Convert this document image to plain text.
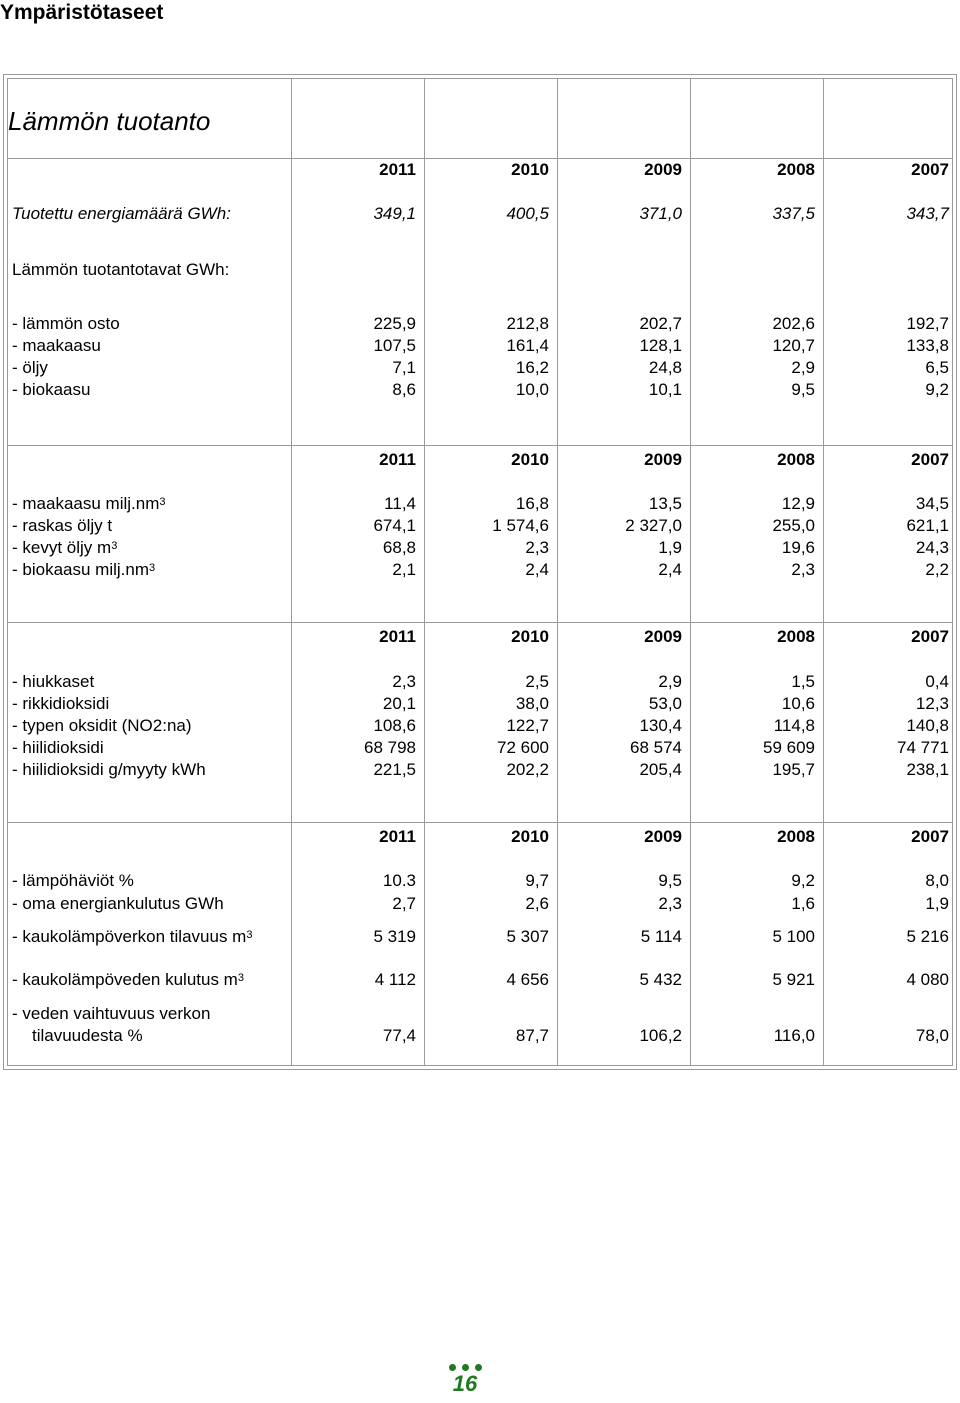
Ympäristötaseet
Lämmön tuotanto
2011	2010	2009	2008	2007
Tuotettu energiamäärä GWh:	349,1	400,5	371,0	337,5	343,7
Lämmön tuotantotavat GWh:
- lämmön osto	225,9	212,8	202,7	202,6	192,7
- maakaasu	107,5	161,4	128,1	120,7	133,8
- öljy	7,1	16,2	24,8	2,9	6,5
- biokaasu	8,6	10,0	10,1	9,5	9,2
2011	2010	2009	2008	2007
- maakaasu $milj.nm^3$	11,4	16,8	13,5	12,9	34,5
- raskas öljy t	674,1	1 574,6	2 327,0	255,0	621,1
- kevyt öljy $m^3$	68,8	2,3	1,9	19,6	24,3
- biokaasu $milj.nm^3$	2,1	2,4	2,4	2,3	2,2
2011	2010	2009	2008	2007
- hiukkaset	2,3	2,5	2,9	1,5	0,4
- rikkidioksidi	20,1	38,0	53,0	10,6	12,3
- typen oksidit (NO2:na)	108,6	122,7	130,4	114,8	140,8
- hiilidioksidi	68 798	72 600	68 574	59 609	74 771
- hiilidioksidi g/myyty kWh	221,5	202,2	205,4	195,7	238,1
2011	2010	2009	2008	2007
- lämpöhäviöt %	10.3	9,7	9,5	9,2	8,0
- oma energiankulutus GWh	2,7	2,6	2,3	1,6	1,9
- kaukolämpöverkon tilavuus $m^3$	5 319	5 307	5 114	5 100	5 216
- kaukolämpöveden kulutus $m^3$	4 112	4 656	5 432	5 921	4 080
- veden vaihtuvuus verkon
tilavuudesta %	77,4	87,7	106,2	116,0	78,0
16
